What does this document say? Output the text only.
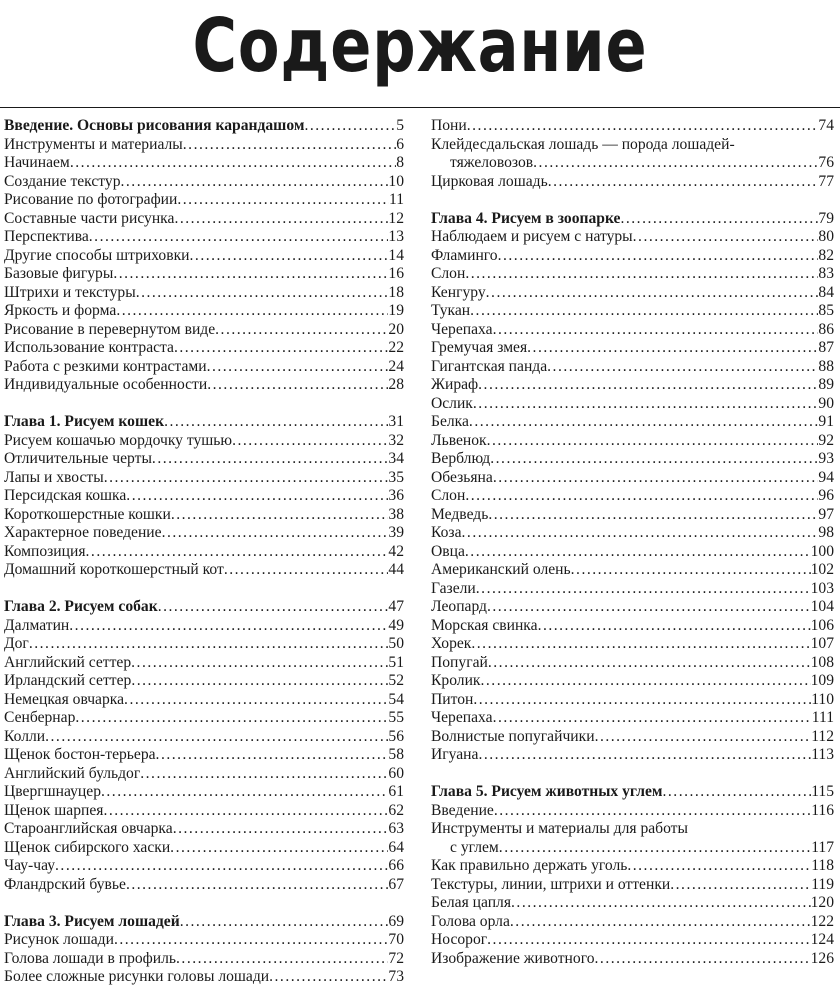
Содержание
Введение. Основы рисования карандашом .....	5
Инструменты и материалы .....	6
Начинаем .....	8
Создание текстур .....	10
Рисование по фотографии .....	11
Составные части рисунка .....	12
Перспектива .....	13
Другие способы штриховки .....	14
Базовые фигуры .....	16
Штрихи и текстуры .....	18
Яркость и форма .....	19
Рисование в перевернутом виде .....	20
Использование контраста .....	22
Работа с резкими контрастами .....	24
Индивидуальные особенности .....	28
Глава 1. Рисуем кошек .....	31
Рисуем кошачью мордочку тушью .....	32
Отличительные черты .....	34
Лапы и хвосты .....	35
Персидская кошка .....	36
Короткошерстные кошки .....	38
Характерное поведение .....	39
Композиция .....	42
Домашний короткошерстный кот .....	44
Глава 2. Рисуем собак .....	47
Далматин .....	49
Дог .....	50
Английский сеттер .....	51
Ирландский сеттер .....	52
Немецкая овчарка .....	54
Сенбернар .....	55
Колли .....	56
Щенок бостон-терьера .....	58
Английский бульдог .....	60
Цвергшнауцер .....	61
Щенок шарпея .....	62
Староанглийская овчарка .....	63
Щенок сибирского хаски .....	64
Чау-чау .....	66
Фландрский бувье .....	67
Глава 3. Рисуем лошадей .....	69
Рисунок лошади .....	70
Голова лошади в профиль .....	72
Более сложные рисунки головы лошади .....	73
Пони .....	74
Клейдесдальская лошадь — порода лошадей-
тяжеловозов .....	76
Цирковая лошадь .....	77
Глава 4. Рисуем в зоопарке .....	79
Наблюдаем и рисуем с натуры .....	80
Фламинго .....	82
Слон .....	83
Кенгуру .....	84
Тукан .....	85
Черепаха .....	86
Гремучая змея .....	87
Гигантская панда .....	88
Жираф .....	89
Ослик .....	90
Белка .....	91
Львенок .....	92
Верблюд .....	93
Обезьяна .....	94
Слон .....	96
Медведь .....	97
Коза .....	98
Овца .....	100
Американский олень .....	102
Газели .....	103
Леопард .....	104
Морская свинка .....	106
Хорек .....	107
Попугай .....	108
Кролик .....	109
Питон .....	110
Черепаха .....	111
Волнистые попугайчики .....	112
Игуана .....	113
Глава 5. Рисуем животных углем .....	115
Введение .....	116
Инструменты и материалы для работы
с углем .....	117
Как правильно держать уголь .....	118
Текстуры, линии, штрихи и оттенки .....	119
Белая цапля .....	120
Голова орла .....	122
Носорог .....	124
Изображение животного .....	126
